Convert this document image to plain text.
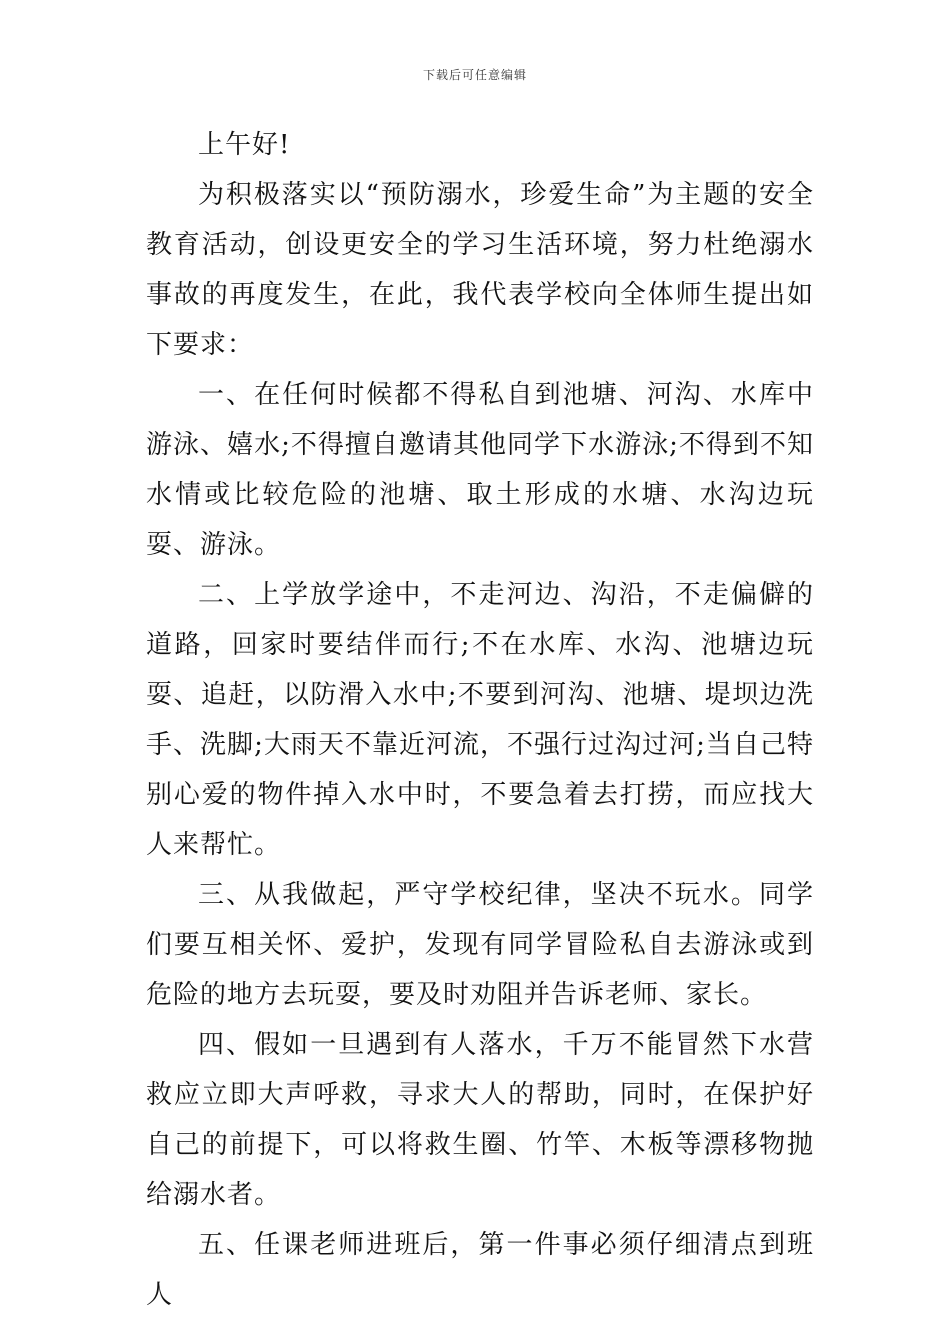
下载后可任意编辑

上午好!

为积极落实以“预防溺水，珍爱生命”为主题的安全教育活动，创设更安全的学习生活环境，努力杜绝溺水事故的再度发生，在此，我代表学校向全体师生提出如下要求：

一、在任何时候都不得私自到池塘、河沟、水库中游泳、嬉水;不得擅自邀请其他同学下水游泳;不得到不知水情或比较危险的池塘、取土形成的水塘、水沟边玩耍、游泳。

二、上学放学途中，不走河边、沟沿，不走偏僻的道路，回家时要结伴而行;不在水库、水沟、池塘边玩耍、追赶，以防滑入水中;不要到河沟、池塘、堤坝边洗手、洗脚;大雨天不靠近河流，不强行过沟过河;当自己特别心爱的物件掉入水中时，不要急着去打捞，而应找大人来帮忙。

三、从我做起，严守学校纪律，坚决不玩水。同学们要互相关怀、爱护，发现有同学冒险私自去游泳或到危险的地方去玩耍，要及时劝阻并告诉老师、家长。

四、假如一旦遇到有人落水，千万不能冒然下水营救应立即大声呼救，寻求大人的帮助，同时，在保护好自己的前提下，可以将救生圈、竹竿、木板等漂移物抛给溺水者。

五、任课老师进班后，第一件事必须仔细清点到班人
